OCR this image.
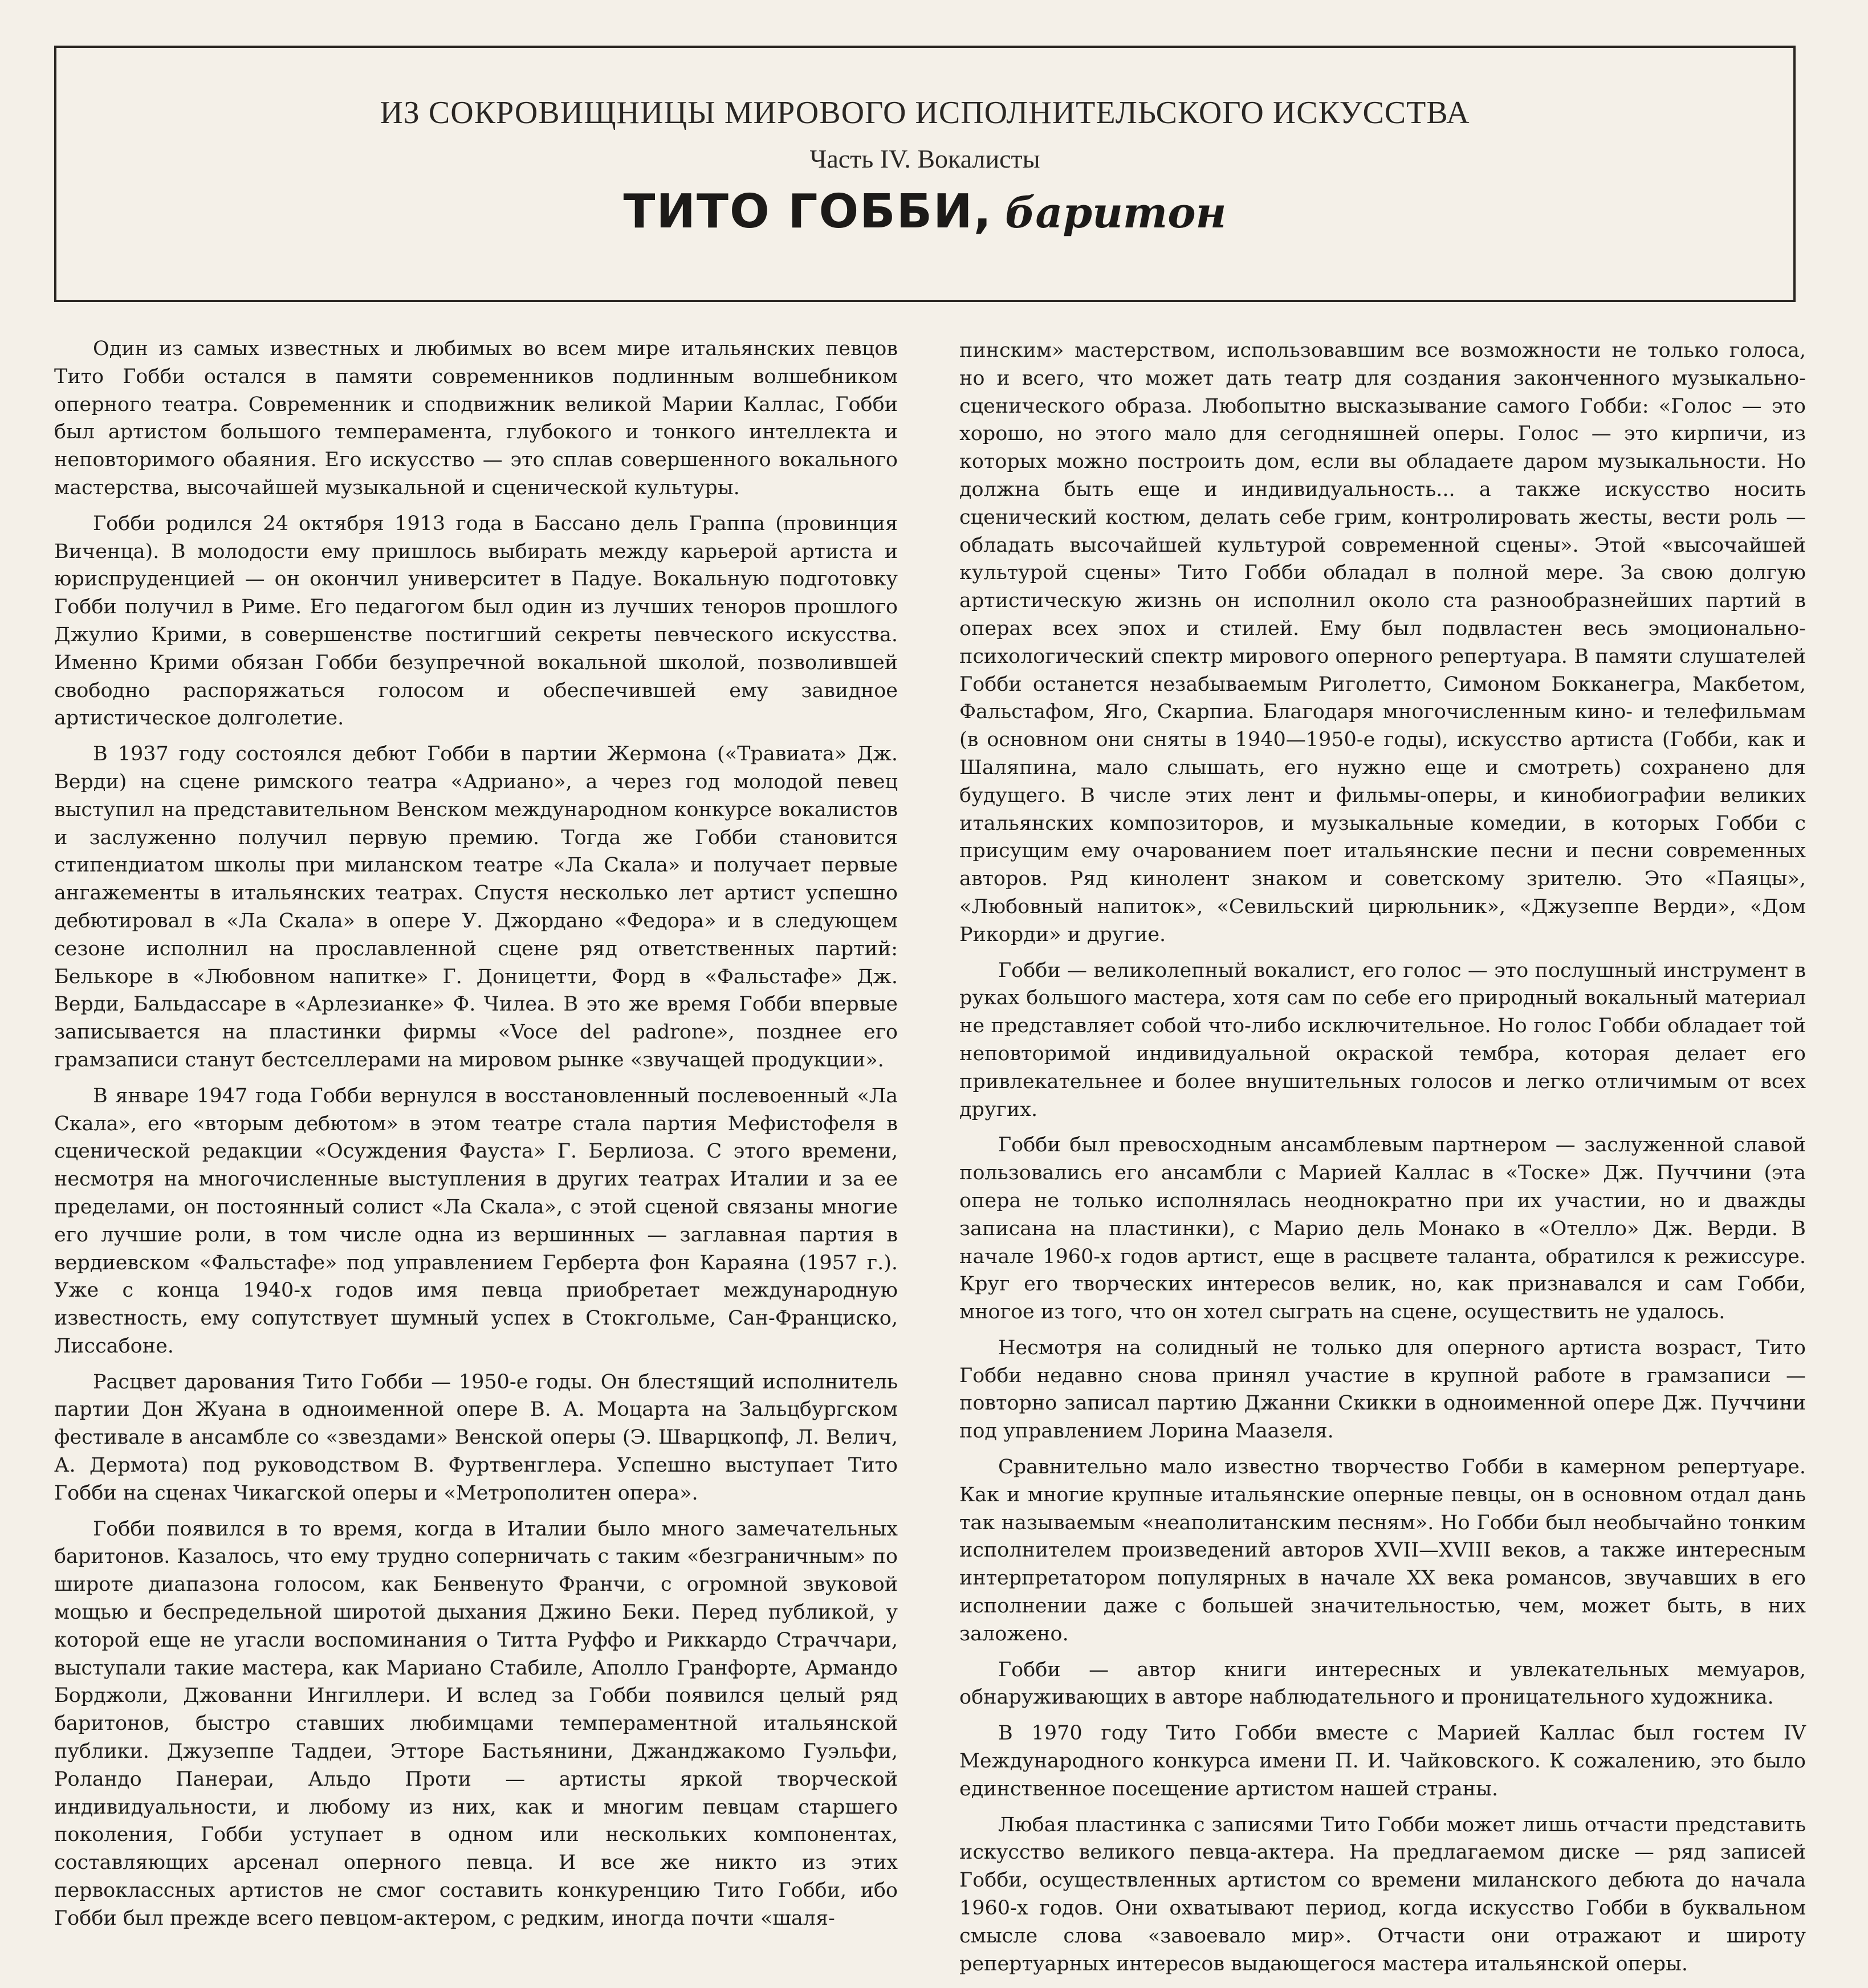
ИЗ СОКРОВИЩНИЦЫ МИРОВОГО ИСПОЛНИТЕЛЬСКОГО ИСКУССТВА
Часть IV. Вокалисты
ТИТО ГОББИ, баритон

Один из самых известных и любимых во всем мире итальянских певцов Тито Гобби остался в памяти современников подлинным волшебником оперного театра. Современник и сподвижник великой Марии Каллас, Гобби был артистом большого темперамента, глубокого и тонкого интеллекта и неповторимого обаяния. Его искусство — это сплав совершенного вокального мастерства, высочайшей музыкальной и сценической культуры.

Гобби родился 24 октября 1913 года в Бассано дель Граппа (провинция Виченца). В молодости ему пришлось выбирать между карьерой артиста и юриспруденцией — он окончил университет в Падуе. Вокальную подготовку Гобби получил в Риме. Его педагогом был один из лучших теноров прошлого Джулио Крими, в совершенстве постигший секреты певческого искусства. Именно Крими обязан Гобби безупречной вокальной школой, позволившей свободно распоряжаться голосом и обеспечившей ему завидное артистическое долголетие.

В 1937 году состоялся дебют Гобби в партии Жермона («Травиата» Дж. Верди) на сцене римского театра «Адриано», а через год молодой певец выступил на представительном Венском международном конкурсе вокалистов и заслуженно получил первую премию. Тогда же Гобби становится стипендиатом школы при миланском театре «Ла Скала» и получает первые ангажементы в итальянских театрах. Спустя несколько лет артист успешно дебютировал в «Ла Скала» в опере У. Джордано «Федора» и в следующем сезоне исполнил на прославленной сцене ряд ответственных партий: Белькоре в «Любовном напитке» Г. Доницетти, Форд в «Фальстафе» Дж. Верди, Бальдассаре в «Арлезианке» Ф. Чилеа. В это же время Гобби впервые записывается на пластинки фирмы «Voce del padrone», позднее его грамзаписи станут бестселлерами на мировом рынке «звучащей продукции».

В январе 1947 года Гобби вернулся в восстановленный послевоенный «Ла Скала», его «вторым дебютом» в этом театре стала партия Мефистофеля в сценической редакции «Осуждения Фауста» Г. Берлиоза. С этого времени, несмотря на многочисленные выступления в других театрах Италии и за ее пределами, он постоянный солист «Ла Скала», с этой сценой связаны многие его лучшие роли, в том числе одна из вершинных — заглавная партия в вердиевском «Фальстафе» под управлением Герберта фон Караяна (1957 г.). Уже с конца 1940-х годов имя певца приобретает международную известность, ему сопутствует шумный успех в Стокгольме, Сан-Франциско, Лиссабоне.

Расцвет дарования Тито Гобби — 1950-е годы. Он блестящий исполнитель партии Дон Жуана в одноименной опере В. А. Моцарта на Зальцбургском фестивале в ансамбле со «звездами» Венской оперы (Э. Шварцкопф, Л. Велич, А. Дермота) под руководством В. Фуртвенглера. Успешно выступает Тито Гобби на сценах Чикагской оперы и «Метрополитен опера».

Гобби появился в то время, когда в Италии было много замечательных баритонов. Казалось, что ему трудно соперничать с таким «безграничным» по широте диапазона голосом, как Бенвенуто Франчи, с огромной звуковой мощью и беспредельной широтой дыхания Джино Беки. Перед публикой, у которой еще не угасли воспоминания о Титта Руффо и Риккардо Страччари, выступали такие мастера, как Мариано Стабиле, Аполло Гранфорте, Армандо Борджоли, Джованни Ингиллери. И вслед за Гобби появился целый ряд баритонов, быстро ставших любимцами темпераментной итальянской публики. Джузеппе Таддеи, Этторе Бастьянини, Джанджакомо Гуэльфи, Роландо Панераи, Альдо Проти — артисты яркой творческой индивидуальности, и любому из них, как и многим певцам старшего поколения, Гобби уступает в одном или нескольких компонентах, составляющих арсенал оперного певца. И все же никто из этих первоклассных артистов не смог составить конкуренцию Тито Гобби, ибо Гобби был прежде всего певцом-актером, с редким, иногда почти «шаля-

пинским» мастерством, использовавшим все возможности не только голоса, но и всего, что может дать театр для создания законченного музыкально-сценического образа. Любопытно высказывание самого Гобби: «Голос — это хорошо, но этого мало для сегодняшней оперы. Голос — это кирпичи, из которых можно построить дом, если вы обладаете даром музыкальности. Но должна быть еще и индивидуальность... а также искусство носить сценический костюм, делать себе грим, контролировать жесты, вести роль — обладать высочайшей культурой современной сцены». Этой «высочайшей культурой сцены» Тито Гобби обладал в полной мере. За свою долгую артистическую жизнь он исполнил около ста разнообразнейших партий в операх всех эпох и стилей. Ему был подвластен весь эмоционально-психологический спектр мирового оперного репертуара. В памяти слушателей Гобби останется незабываемым Риголетто, Симоном Бокканегра, Макбетом, Фальстафом, Яго, Скарпиа. Благодаря многочисленным кино- и телефильмам (в основном они сняты в 1940—1950-е годы), искусство артиста (Гобби, как и Шаляпина, мало слышать, его нужно еще и смотреть) сохранено для будущего. В числе этих лент и фильмы-оперы, и кинобиографии великих итальянских композиторов, и музыкальные комедии, в которых Гобби с присущим ему очарованием поет итальянские песни и песни современных авторов. Ряд кинолент знаком и советскому зрителю. Это «Паяцы», «Любовный напиток», «Севильский цирюльник», «Джузеппе Верди», «Дом Рикорди» и другие.

Гобби — великолепный вокалист, его голос — это послушный инструмент в руках большого мастера, хотя сам по себе его природный вокальный материал не представляет собой что-либо исключительное. Но голос Гобби обладает той неповторимой индивидуальной окраской тембра, которая делает его привлекательнее и более внушительных голосов и легко отличимым от всех других.

Гобби был превосходным ансамблевым партнером — заслуженной славой пользовались его ансамбли с Марией Каллас в «Тоске» Дж. Пуччини (эта опера не только исполнялась неоднократно при их участии, но и дважды записана на пластинки), с Марио дель Монако в «Отелло» Дж. Верди. В начале 1960-х годов артист, еще в расцвете таланта, обратился к режиссуре. Круг его творческих интересов велик, но, как признавался и сам Гобби, многое из того, что он хотел сыграть на сцене, осуществить не удалось.

Несмотря на солидный не только для оперного артиста возраст, Тито Гобби недавно снова принял участие в крупной работе в грамзаписи — повторно записал партию Джанни Скикки в одноименной опере Дж. Пуччини под управлением Лорина Маазеля.

Сравнительно мало известно творчество Гобби в камерном репертуаре. Как и многие крупные итальянские оперные певцы, он в основном отдал дань так называемым «неаполитанским песням». Но Гобби был необычайно тонким исполнителем произведений авторов XVII—XVIII веков, а также интересным интерпретатором популярных в начале XX века романсов, звучавших в его исполнении даже с большей значительностью, чем, может быть, в них заложено.

Гобби — автор книги интересных и увлекательных мемуаров, обнаруживающих в авторе наблюдательного и проницательного художника.

В 1970 году Тито Гобби вместе с Марией Каллас был гостем IV Международного конкурса имени П. И. Чайковского. К сожалению, это было единственное посещение артистом нашей страны.

Любая пластинка с записями Тито Гобби может лишь отчасти представить искусство великого певца-актера. На предлагаемом диске — ряд записей Гобби, осуществленных артистом со времени миланского дебюта до начала 1960-х годов. Они охватывают период, когда искусство Гобби в буквальном смысле слова «завоевало мир». Отчасти они отражают и широту репертуарных интересов выдающегося мастера итальянской оперы.
